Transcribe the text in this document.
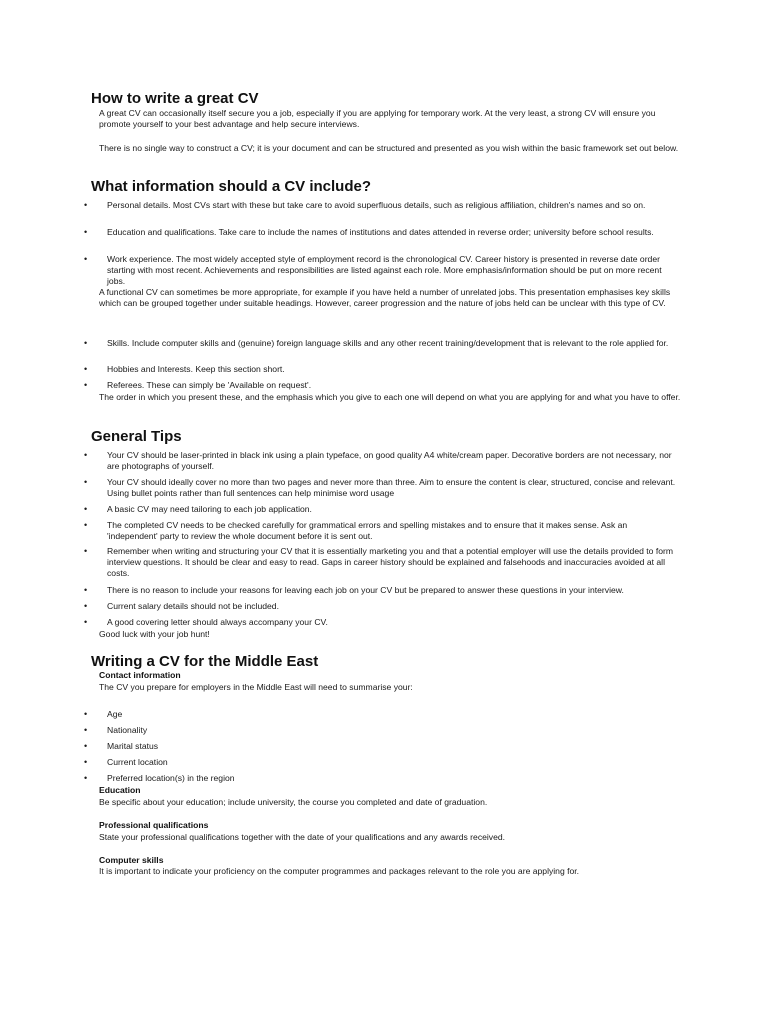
How to write a great CV

A great CV can occasionally itself secure you a job, especially if you are applying for temporary work. At the very least, a strong CV will ensure you promote yourself to your best advantage and help secure interviews.

There is no single way to construct a CV; it is your document and can be structured and presented as you wish within the basic framework set out below.

What information should a CV include?
• Personal details. Most CVs start with these but take care to avoid superfluous details, such as religious affiliation, children's names and so on.
• Education and qualifications. Take care to include the names of institutions and dates attended in reverse order; university before school results.
• Work experience. The most widely accepted style of employment record is the chronological CV. Career history is presented in reverse date order starting with most recent. Achievements and responsibilities are listed against each role. More emphasis/information should be put on more recent jobs.

A functional CV can sometimes be more appropriate, for example if you have held a number of unrelated jobs. This presentation emphasises key skills which can be grouped together under suitable headings. However, career progression and the nature of jobs held can be unclear with this type of CV.

• Skills. Include computer skills and (genuine) foreign language skills and any other recent training/development that is relevant to the role applied for.
• Hobbies and Interests. Keep this section short.
• Referees. These can simply be 'Available on request'.

The order in which you present these, and the emphasis which you give to each one will depend on what you are applying for and what you have to offer.

General Tips
• Your CV should be laser-printed in black ink using a plain typeface, on good quality A4 white/cream paper. Decorative borders are not necessary, nor are photographs of yourself.
• Your CV should ideally cover no more than two pages and never more than three. Aim to ensure the content is clear, structured, concise and relevant. Using bullet points rather than full sentences can help minimise word usage
• A basic CV may need tailoring to each job application.
• The completed CV needs to be checked carefully for grammatical errors and spelling mistakes and to ensure that it makes sense. Ask an 'independent' party to review the whole document before it is sent out.
• Remember when writing and structuring your CV that it is essentially marketing you and that a potential employer will use the details provided to form interview questions. It should be clear and easy to read. Gaps in career history should be explained and falsehoods and inaccuracies avoided at all costs.
• There is no reason to include your reasons for leaving each job on your CV but be prepared to answer these questions in your interview.
• Current salary details should not be included.
• A good covering letter should always accompany your CV.

Good luck with your job hunt!

Writing a CV for the Middle East

Contact information

The CV you prepare for employers in the Middle East will need to summarise your:

• Age
• Nationality
• Marital status
• Current location
• Preferred location(s) in the region

Education

Be specific about your education; include university, the course you completed and date of graduation.

Professional qualifications

State your professional qualifications together with the date of your qualifications and any awards received.

Computer skills

It is important to indicate your proficiency on the computer programmes and packages relevant to the role you are applying for.
